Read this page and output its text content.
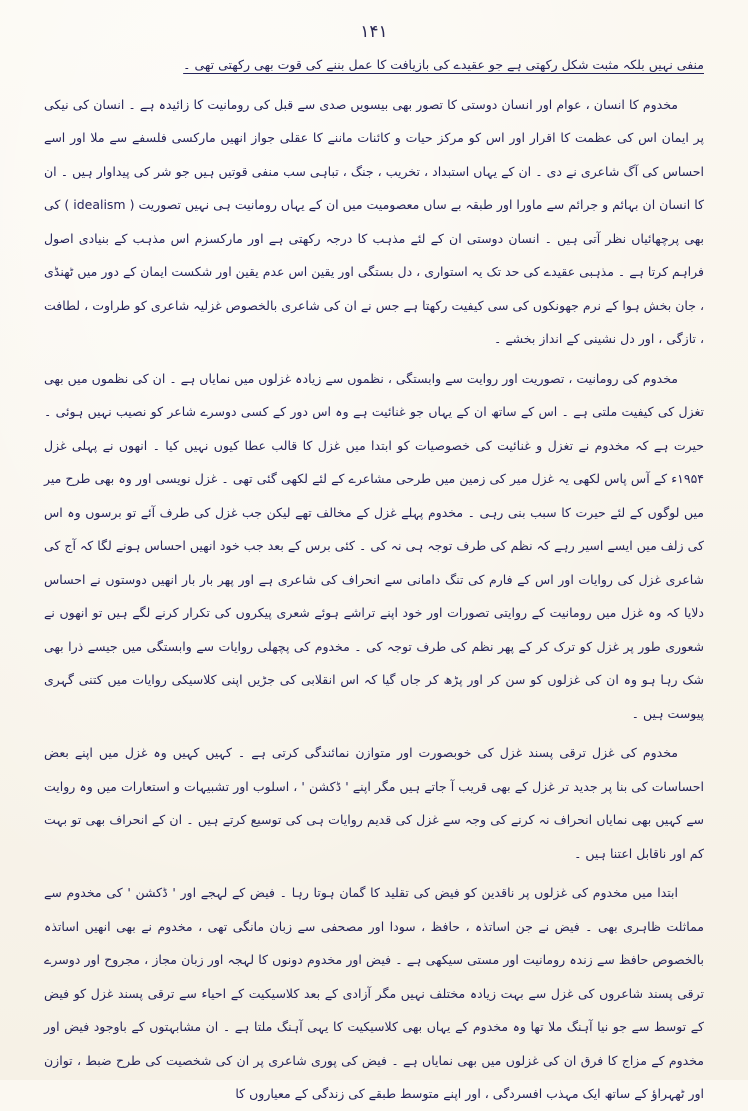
۱۴۱

منفی نہیں بلکہ مثبت شکل رکھتی ہے جو عقیدے کی بازیافت کا عمل بننے کی قوت بھی رکھتی تھی ۔

مخدوم کا انسان ، عوام اور انسان دوستی کا تصور بھی بیسویں صدی سے قبل کی رومانیت کا زائیدہ ہے ۔ انسان کی نیکی پر ایمان اس کی عظمت کا اقرار اور اس کو مرکز حیات و کائنات ماننے کا عقلی جواز انھیں مارکسی فلسفے سے ملا اور اسے احساس کی آگ شاعری نے دی ۔ ان کے یہاں استبداد ، تخریب ، جنگ ، تباہی سب منفی قوتیں ہیں جو شر کی پیداوار ہیں ۔ ان کا انسان ان بہائم و جرائم سے ماورا اور طبقہ بے ساں معصومیت میں ان کے یہاں رومانیت ہی نہیں تصوریت ( idealism ) کی بھی پرچھائیاں نظر آتی ہیں ۔ انسان دوستی ان کے لئے مذہب کا درجہ رکھتی ہے اور مارکسزم اس مذہب کے بنیادی اصول فراہم کرتا ہے ۔ مذہبی عقیدے کی حد تک یہ استواری ، دل بستگی اور یقین اس عدم یقین اور شکست ایمان کے دور میں ٹھنڈی ، جان بخش ہوا کے نرم جھونکوں کی سی کیفیت رکھتا ہے جس نے ان کی شاعری بالخصوص غزلیہ شاعری کو طراوت ، لطافت ، تازگی ، اور دل نشینی کے انداز بخشے ۔

مخدوم کی رومانیت ، تصوریت اور روایت سے وابستگی ، نظموں سے زیادہ غزلوں میں نمایاں ہے ۔ ان کی نظموں میں بھی تغزل کی کیفیت ملتی ہے ۔ اس کے ساتھ ان کے یہاں جو غنائیت ہے وہ اس دور کے کسی دوسرے شاعر کو نصیب نہیں ہوئی ۔ حیرت ہے کہ مخدوم نے تغزل و غنائیت کی خصوصیات کو ابتدا میں غزل کا قالب عطا کیوں نہیں کیا ۔ انھوں نے پہلی غزل ۱۹۵۴ء کے آس پاس لکھی یہ غزل میر کی زمین میں طرحی مشاعرے کے لئے لکھی گئی تھی ۔ غزل نویسی اور وہ بھی طرح میر میں لوگوں کے لئے حیرت کا سبب بنی رہی ۔ مخدوم پہلے غزل کے مخالف تھے لیکن جب غزل کی طرف آئے تو برسوں وہ اس کی زلف میں ایسے اسیر رہے کہ نظم کی طرف توجہ ہی نہ کی ۔ کئی برس کے بعد جب خود انھیں احساس ہونے لگا کہ آج کی شاعری غزل کی روایات اور اس کے فارم کی تنگ دامانی سے انحراف کی شاعری ہے اور پھر بار بار انھیں دوستوں نے احساس دلایا کہ وہ غزل میں رومانیت کے روایتی تصورات اور خود اپنے تراشے ہوئے شعری پیکروں کی تکرار کرنے لگے ہیں تو انھوں نے شعوری طور پر غزل کو ترک کر کے پھر نظم کی طرف توجہ کی ۔ مخدوم کی پچھلی روایات سے وابستگی میں جیسے ذرا بھی شک رہا ہو وہ ان کی غزلوں کو سن کر اور پڑھ کر جاں گیا کہ اس انقلابی کی جڑیں اپنی کلاسیکی روایات میں کتنی گہری پیوست ہیں ۔

مخدوم کی غزل ترقی پسند غزل کی خوبصورت اور متوازن نمائندگی کرتی ہے ۔ کہیں کہیں وہ غزل میں اپنے بعض احساسات کی بنا پر جدید تر غزل کے بھی قریب آ جاتے ہیں مگر اپنے ' ڈکشن ' ، اسلوب اور تشبیہات و استعارات میں وہ روایت سے کہیں بھی نمایاں انحراف نہ کرنے کی وجہ سے غزل کی قدیم روایات ہی کی توسیع کرتے ہیں ۔ ان کے انحراف بھی تو بہت کم اور ناقابل اعتنا ہیں ۔

ابتدا میں مخدوم کی غزلوں پر ناقدین کو فیض کی تقلید کا گمان ہوتا رہا ۔ فیض کے لہجے اور ' ڈکشن ' کی مخدوم سے مماثلت ظاہری بھی ۔ فیض نے جن اساتذہ ، حافظ ، سودا اور مصحفی سے زبان مانگی تھی ، مخدوم نے بھی انھیں اساتذہ بالخصوص حافظ سے زندہ رومانیت اور مستی سیکھی ہے ۔ فیض اور مخدوم دونوں کا لہجہ اور زبان مجاز ، مجروح اور دوسرے ترقی پسند شاعروں کی غزل سے بہت زیادہ مختلف نہیں مگر آزادی کے بعد کلاسیکیت کے احیاء سے ترقی پسند غزل کو فیض کے توسط سے جو نیا آہنگ ملا تھا وہ مخدوم کے یہاں بھی کلاسیکیت کا یہی آہنگ ملتا ہے ۔ ان مشابہتوں کے باوجود فیض اور مخدوم کے مزاج کا فرق ان کی غزلوں میں بھی نمایاں ہے ۔ فیض کی پوری شاعری پر ان کی شخصیت کی طرح ضبط ، توازن اور ٹھہراؤ کے ساتھ ایک مہذب افسردگی ، اور اپنے متوسط طبقے کی زندگی کے معیاروں کا
